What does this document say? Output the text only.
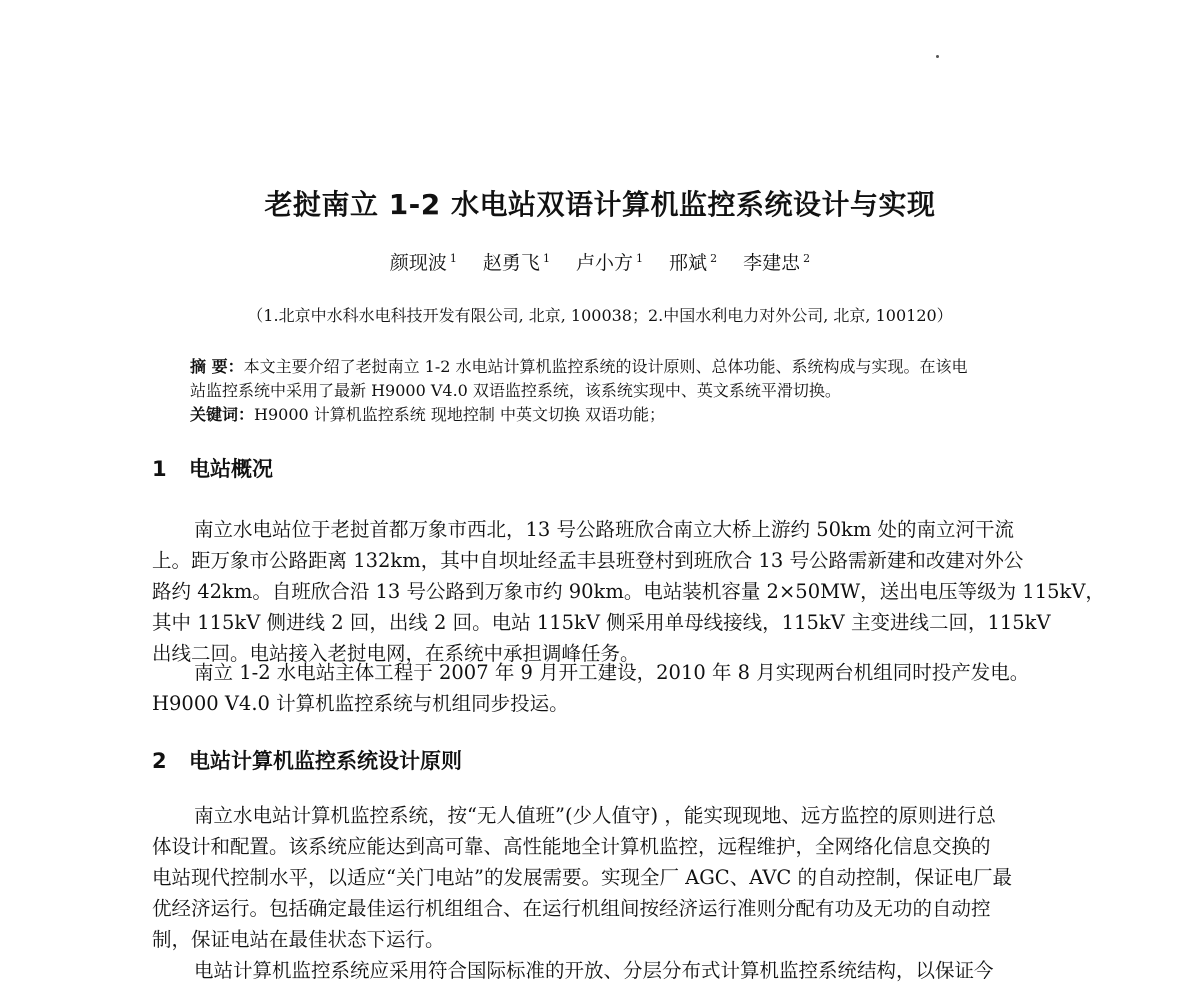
老挝南立 1-2 水电站双语计算机监控系统设计与实现
颜现波 $^1$ 赵勇飞 $^1$ 卢小方 $^1$ 邢斌 $^2$ 李建忠 $^2$
（1.北京中水科水电科技开发有限公司, 北京, 100038；2.中国水利电力对外公司, 北京, 100120）
摘 要：本文主要介绍了老挝南立 1-2 水电站计算机监控系统的设计原则、总体功能、系统构成与实现。在该电
站监控系统中采用了最新 H9000 V4.0 双语监控系统，该系统实现中、英文系统平滑切换。
关键词：H9000 计算机监控系统 现地控制 中英文切换 双语功能；
1 电站概况
南立水电站位于老挝首都万象市西北，13 号公路班欣合南立大桥上游约 50km 处的南立河干流
上。距万象市公路距离 132km，其中自坝址经孟丰县班登村到班欣合 13 号公路需新建和改建对外公
路约 42km。自班欣合沿 13 号公路到万象市约 90km。电站装机容量 2×50MW，送出电压等级为 115kV，
其中 115kV 侧进线 2 回，出线 2 回。电站 115kV 侧采用单母线接线，115kV 主变进线二回，115kV
出线二回。电站接入老挝电网，在系统中承担调峰任务。
南立 1-2 水电站主体工程于 2007 年 9 月开工建设，2010 年 8 月实现两台机组同时投产发电。
H9000 V4.0 计算机监控系统与机组同步投运。
2 电站计算机监控系统设计原则
南立水电站计算机监控系统，按“无人值班”(少人值守) ，能实现现地、远方监控的原则进行总
体设计和配置。该系统应能达到高可靠、高性能地全计算机监控，远程维护，全网络化信息交换的
电站现代控制水平，以适应“关门电站”的发展需要。实现全厂 AGC、AVC 的自动控制，保证电厂最
优经济运行。包括确定最佳运行机组组合、在运行机组间按经济运行准则分配有功及无功的自动控
制，保证电站在最佳状态下运行。
电站计算机监控系统应采用符合国际标准的开放、分层分布式计算机监控系统结构，以保证今
